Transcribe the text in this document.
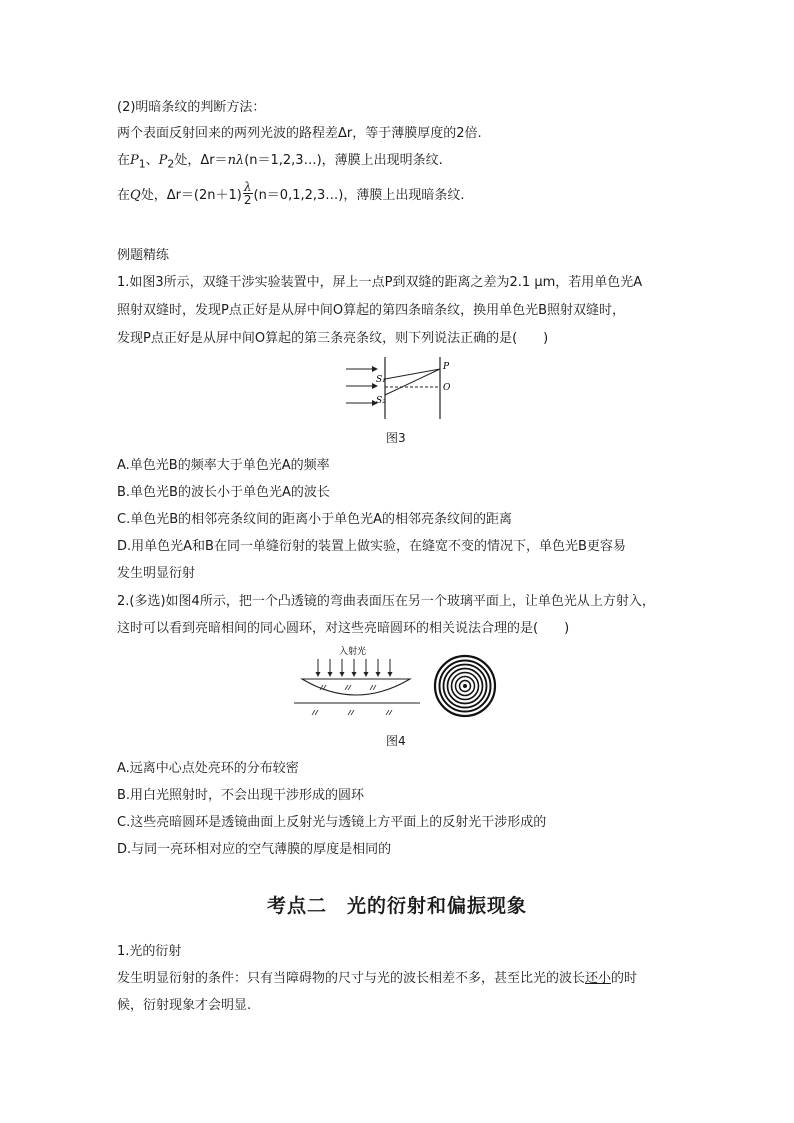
(2)明暗条纹的判断方法：
两个表面反射回来的两列光波的路程差Δr，等于薄膜厚度的2倍.
在$P_1$、$P_2$处，Δr＝nλ(n＝1,2,3…)，薄膜上出现明条纹.
在Q处，$\Delta r=(2n+1) \frac{\lambda}{2}$ (n＝0,1,2,3…)，薄膜上出现暗条纹.
例题精练
1.如图3所示，双缝干涉实验装置中，屏上一点P到双缝的距离之差为2.1 μm，若用单色光A
照射双缝时，发现P点正好是从屏中间O算起的第四条暗条纹，换用单色光B照射双缝时，
发现P点正好是从屏中间O算起的第三条亮条纹，则下列说法正确的是(　　)
S₁
S₂
P
O
图3
A.单色光B的频率大于单色光A的频率
B.单色光B的波长小于单色光A的波长
C.单色光B的相邻亮条纹间的距离小于单色光A的相邻亮条纹间的距离
D.用单色光A和B在同一单缝衍射的装置上做实验，在缝宽不变的情况下，单色光B更容易
发生明显衍射
2.(多选)如图4所示，把一个凸透镜的弯曲表面压在另一个玻璃平面上，让单色光从上方射入，
这时可以看到亮暗相间的同心圆环，对这些亮暗圆环的相关说法合理的是(　　)
入射光
图4
A.远离中心点处亮环的分布较密
B.用白光照射时，不会出现干涉形成的圆环
C.这些亮暗圆环是透镜曲面上反射光与透镜上方平面上的反射光干涉形成的
D.与同一亮环相对应的空气薄膜的厚度是相同的
考点二　光的衍射和偏振现象
1.光的衍射
发生明显衍射的条件：只有当障碍物的尺寸与光的波长相差不多，甚至比光的波长还小的时
候，衍射现象才会明显.
